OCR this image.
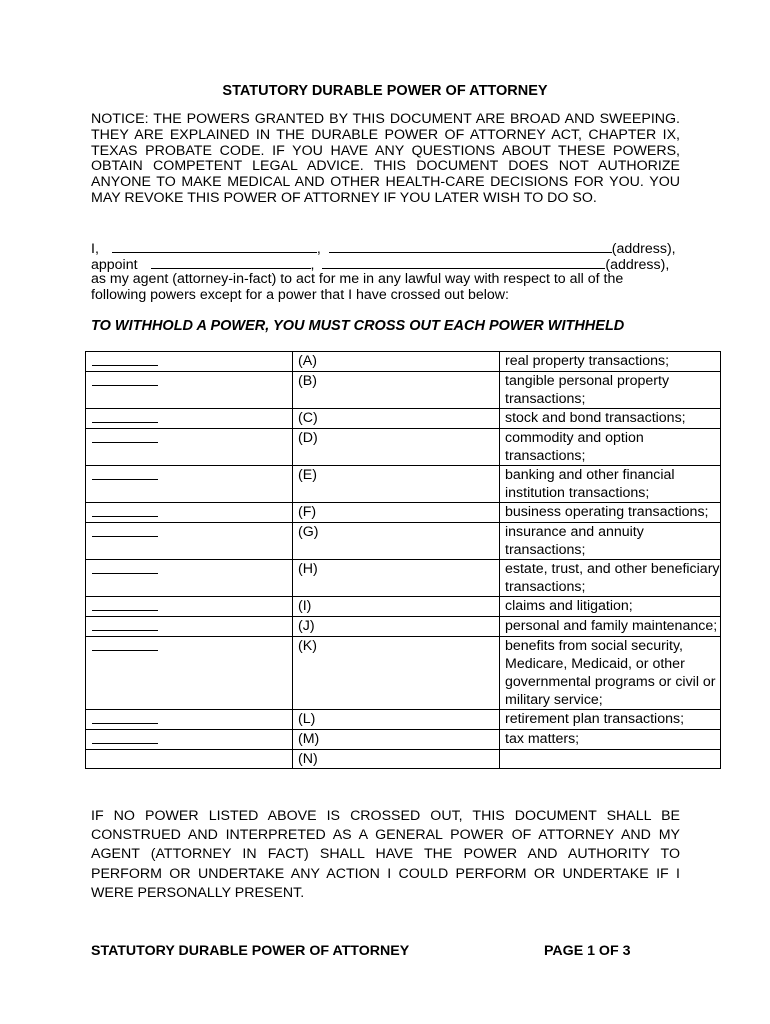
STATUTORY DURABLE POWER OF ATTORNEY

NOTICE: THE POWERS GRANTED BY THIS DOCUMENT ARE BROAD AND SWEEPING. THEY ARE EXPLAINED IN THE DURABLE POWER OF ATTORNEY ACT, CHAPTER IX, TEXAS PROBATE CODE. IF YOU HAVE ANY QUESTIONS ABOUT THESE POWERS, OBTAIN COMPETENT LEGAL ADVICE. THIS DOCUMENT DOES NOT AUTHORIZE ANYONE TO MAKE MEDICAL AND OTHER HEALTH-CARE DECISIONS FOR YOU. YOU MAY REVOKE THIS POWER OF ATTORNEY IF YOU LATER WISH TO DO SO.

I,	,	(address),
appoint	,	(address),
as my agent (attorney-in-fact) to act for me in any lawful way with respect to all of the following powers except for a power that I have crossed out below:
TO WITHHOLD A POWER, YOU MUST CROSS OUT EACH POWER WITHHELD
	(A)	real property transactions;
	(B)	tangible personal property transactions;
	(C)	stock and bond transactions;
	(D)	commodity and option transactions;
	(E)	banking and other financial institution transactions;
	(F)	business operating transactions;
	(G)	insurance and annuity transactions;
	(H)	estate, trust, and other beneficiary transactions;
	(I)	claims and litigation;
	(J)	personal and family maintenance;
	(K)	benefits from social security, Medicare, Medicaid, or other governmental programs or civil or military service;
	(L)	retirement plan transactions;
	(M)	tax matters;
	(N)	

IF NO POWER LISTED ABOVE IS CROSSED OUT, THIS DOCUMENT SHALL BE CONSTRUED AND INTERPRETED AS A GENERAL POWER OF ATTORNEY AND MY AGENT (ATTORNEY IN FACT) SHALL HAVE THE POWER AND AUTHORITY TO PERFORM OR UNDERTAKE ANY ACTION I COULD PERFORM OR UNDERTAKE IF I WERE PERSONALLY PRESENT.

STATUTORY DURABLE POWER OF ATTORNEY	PAGE 1 OF 3
